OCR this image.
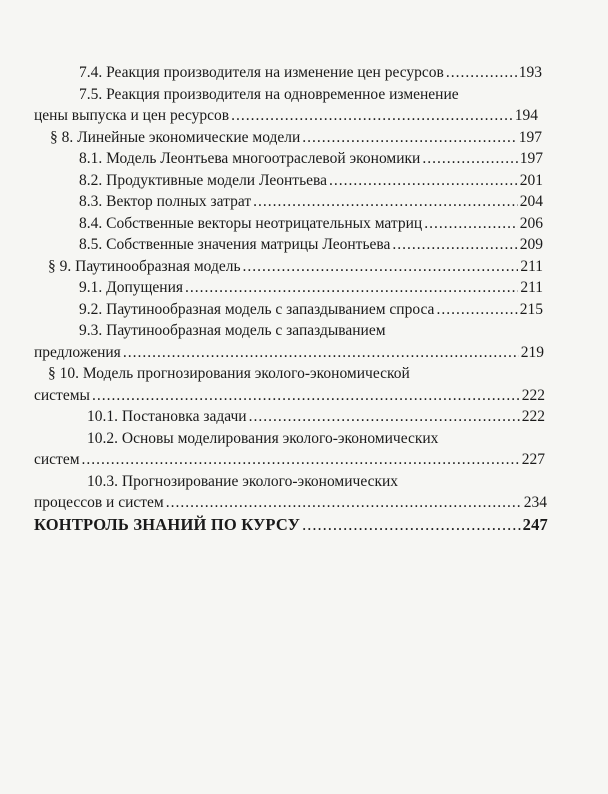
7.4. Реакция производителя на изменение цен ресурсов .....	193
7.5. Реакция производителя на одновременное изменение
цены выпуска и цен ресурсов .....	194
§ 8. Линейные экономические модели .....	197
8.1. Модель Леонтьева многоотраслевой экономики .....	197
8.2. Продуктивные модели Леонтьева .....	201
8.3. Вектор полных затрат .....	204
8.4. Собственные векторы неотрицательных матриц .....	206
8.5. Собственные значения матрицы Леонтьева .....	209
§ 9. Паутинообразная модель .....	211
9.1. Допущения .....	211
9.2. Паутинообразная модель с запаздыванием спроса .....	215
9.3. Паутинообразная модель с запаздыванием
предложения .....	219
§ 10. Модель прогнозирования эколого-экономической
системы .....	222
10.1. Постановка задачи .....	222
10.2. Основы моделирования эколого-экономических
систем .....	227
10.3. Прогнозирование эколого-экономических
процессов и систем .....	234
КОНТРОЛЬ ЗНАНИЙ ПО КУРСУ .....	247
